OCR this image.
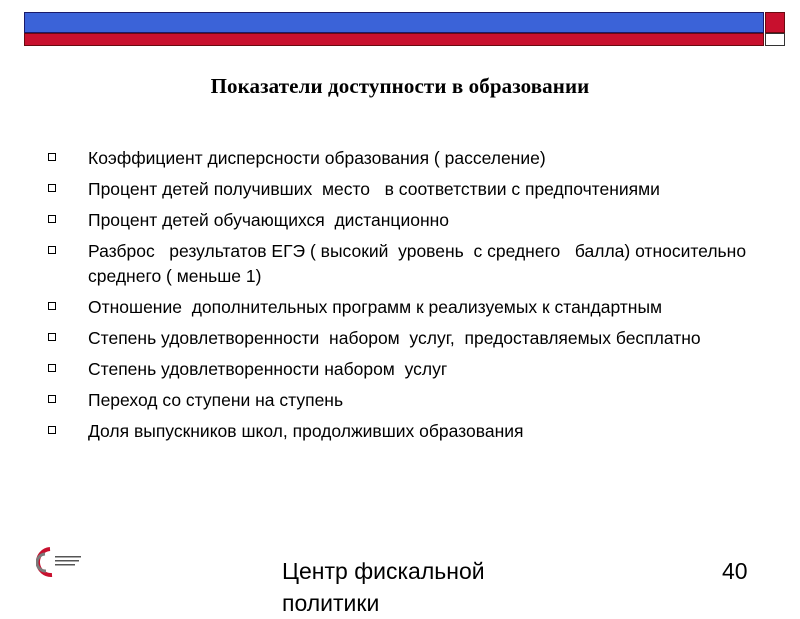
Показатели доступности в образовании
Коэффициент дисперсности образования ( расселение)
Процент детей получивших  место   в соответствии с предпочтениями
Процент детей обучающихся  дистанционно
Разброс   результатов ЕГЭ ( высокий  уровень  с среднего   балла) относительно  среднего ( меньше 1)
Отношение  дополнительных программ к реализуемых к стандартным
Степень удовлетворенности  набором  услуг,  предоставляемых бесплатно
Степень удовлетворенности набором  услуг
Переход со ступени на ступень
Доля выпускников школ, продолживших образования
Центр фискальной политики
40
